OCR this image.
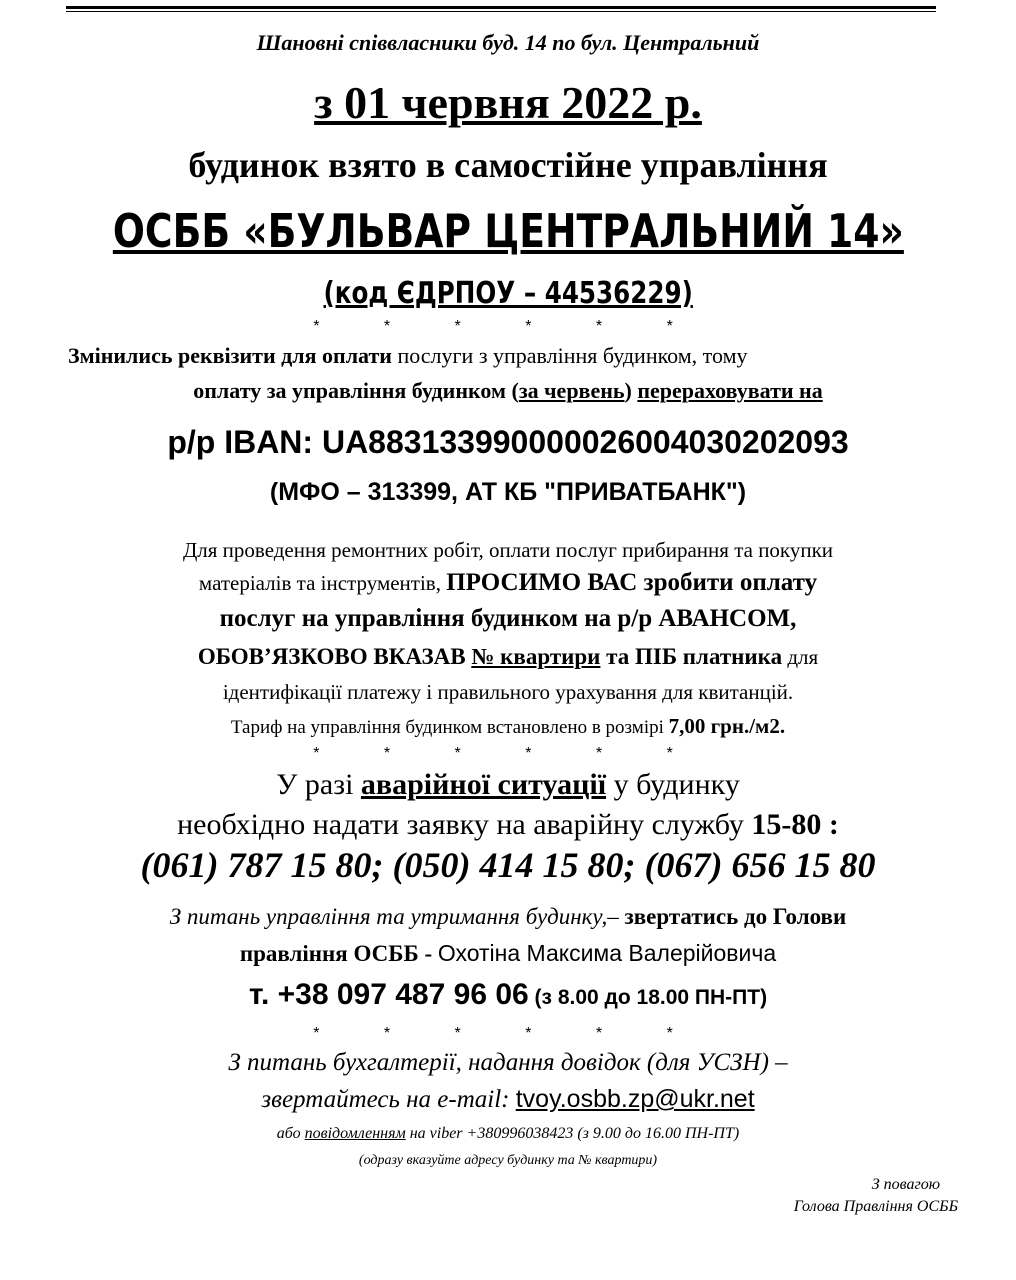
Шановні співвласники буд. 14 по бул. Центральний
з 01 червня 2022 р.
будинок взято в самостійне управління
ОСББ «БУЛЬВАР ЦЕНТРАЛЬНИЙ 14»
(код ЄДРПОУ – 44536229)
* * * * * *
Змінились реквізити для оплати послуги з управління будинком, тому
оплату за управління будинком (за червень) перераховувати на
р/р IBAN: UA883133990000026004030202093
(МФО – 313399, АТ КБ "ПРИВАТБАНК")
Для проведення ремонтних робіт, оплати послуг прибирання та покупки
матеріалів та інструментів, ПРОСИМО ВАС зробити оплату
послуг на управління будинком на р/р АВАНСОМ,
ОБОВ’ЯЗКОВО ВКАЗАВ № квартири та ПІБ платника для
ідентифікації платежу і правильного урахування для квитанцій.
Тариф на управління будинком встановлено в розмірі 7,00 грн./м2.
* * * * * *
У разі аварійної ситуації у будинку
необхідно надати заявку на аварійну службу 15-80 :
(061) 787 15 80; (050) 414 15 80; (067) 656 15 80
З питань управління та утримання будинку,– звертатись до Голови
правління ОСББ - Охотіна Максима Валерійовича
т. +38 097 487 96 06 (з 8.00 до 18.00 ПН-ПТ)
* * * * * *
З питань бухгалтерії, надання довідок (для УСЗН) –
звертайтесь на e-mail: tvoy.osbb.zp@ukr.net
або повідомленням на viber +380996038423 (з 9.00 до 16.00 ПН-ПТ)
(одразу вказуйте адресу будинку та № квартири)
З повагою
Голова Правління ОСББ
